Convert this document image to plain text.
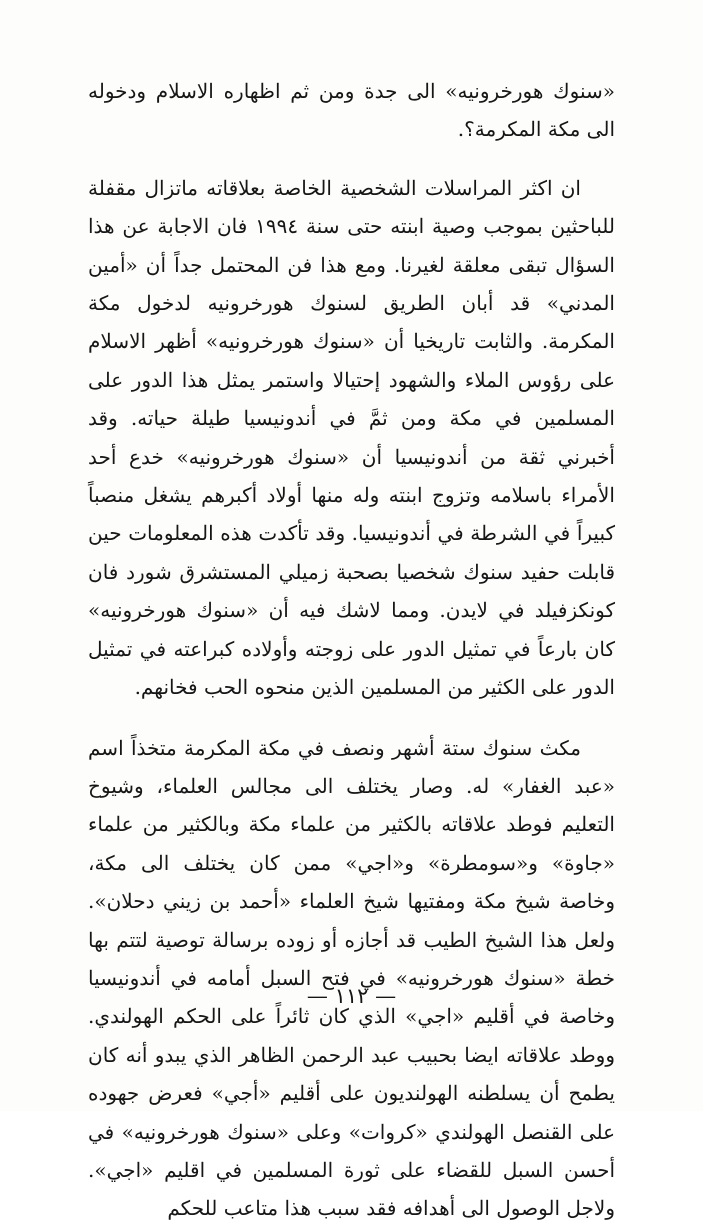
«سنوك هورخرونيه» الى جدة ومن ثم اظهاره الاسلام ودخوله الى مكة المكرمة؟.

ان اكثر المراسلات الشخصية الخاصة بعلاقاته ماتزال مقفلة للباحثين بموجب وصية ابنته حتى سنة ١٩٩٤ فان الاجابة عن هذا السؤال تبقى معلقة لغيرنا. ومع هذا فن المحتمل جداً أن «أمين المدني» قد أبان الطريق لسنوك هورخرونيه لدخول مكة المكرمة. والثابت تاريخيا أن «سنوك هورخرونيه» أظهر الاسلام على رؤوس الملاء والشهود إحتيالا واستمر يمثل هذا الدور على المسلمين في مكة ومن ثمَّ في أندونيسيا طيلة حياته. وقد أخبرني ثقة من أندونيسيا أن «سنوك هورخرونيه» خدع أحد الأمراء باسلامه وتزوج ابنته وله منها أولاد أكبرهم يشغل منصباً كبيراً في الشرطة في أندونيسيا. وقد تأكدت هذه المعلومات حين قابلت حفيد سنوك شخصيا بصحبة زميلي المستشرق شورد فان كونكزفيلد في لايدن. ومما لاشك فيه أن «سنوك هورخرونيه» كان بارعاً في تمثيل الدور على زوجته وأولاده كبراعته في تمثيل الدور على الكثير من المسلمين الذين منحوه الحب فخانهم.

مكث سنوك ستة أشهر ونصف في مكة المكرمة متخذاً اسم «عبد الغفار» له. وصار يختلف الى مجالس العلماء، وشيوخ التعليم فوطد علاقاته بالكثير من علماء مكة وبالكثير من علماء «جاوة» و«سومطرة» و«اجي» ممن كان يختلف الى مكة، وخاصة شيخ مكة ومفتيها شيخ العلماء «أحمد بن زيني دحلان». ولعل هذا الشيخ الطيب قد أجازه أو زوده برسالة توصية لتتم بها خطة «سنوك هورخرونيه» في فتح السبل أمامه في أندونيسيا وخاصة في أقليم «اجي» الذي كان ثائراً على الحكم الهولندي. ووطد علاقاته ايضا بحبيب عبد الرحمن الظاهر الذي يبدو أنه كان يطمح أن يسلطنه الهولنديون على أقليم «أجي» فعرض جهوده على القنصل الهولندي «كروات» وعلى «سنوك هورخرونيه» في أحسن السبل للقضاء على ثورة المسلمين في اقليم «اجي». ولاجل الوصول الى أهدافه فقد سبب هذا متاعب للحكم

— ١١٢ —
